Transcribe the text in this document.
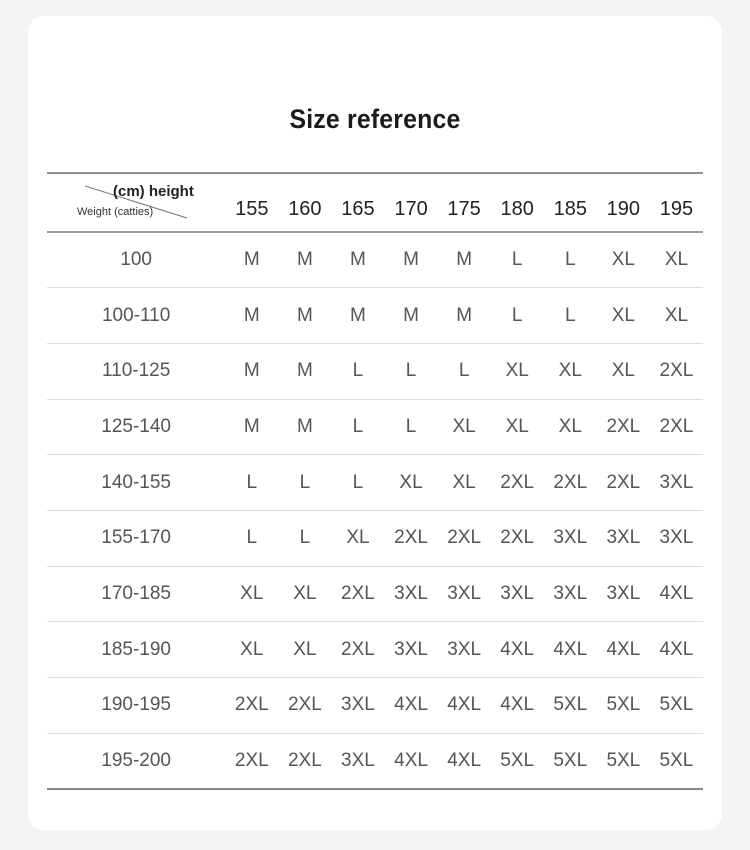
Size reference
(cm) height
Weight (catties)	155	160	165	170	175	180	185	190	195
100	M	M	M	M	M	L	L	XL	XL
100-110	M	M	M	M	M	L	L	XL	XL
110-125	M	M	L	L	L	XL	XL	XL	2XL
125-140	M	M	L	L	XL	XL	XL	2XL	2XL
140-155	L	L	L	XL	XL	2XL	2XL	2XL	3XL
155-170	L	L	XL	2XL	2XL	2XL	3XL	3XL	3XL
170-185	XL	XL	2XL	3XL	3XL	3XL	3XL	3XL	4XL
185-190	XL	XL	2XL	3XL	3XL	4XL	4XL	4XL	4XL
190-195	2XL	2XL	3XL	4XL	4XL	4XL	5XL	5XL	5XL
195-200	2XL	2XL	3XL	4XL	4XL	5XL	5XL	5XL	5XL
